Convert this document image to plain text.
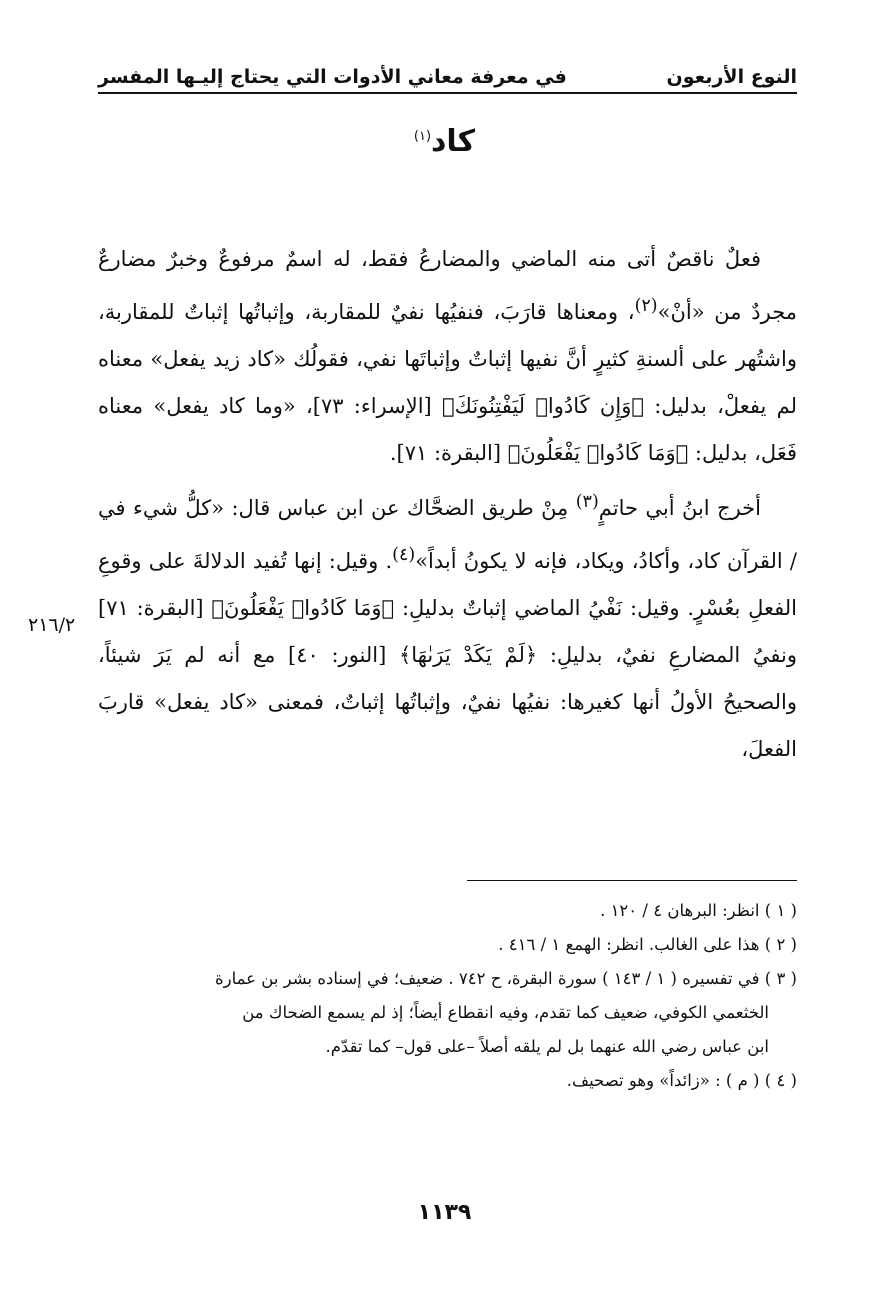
النوع الأربعون
في معرفة معاني الأدوات التي يحتاج إليـها المفسر
كاد$^{(١)}$

فعلٌ ناقصٌ أتى منه الماضي والمضارعُ فقط، له اسمٌ مرفوعٌ وخبرٌ مضارعٌ مجردٌ من «أنْ»$^{(٢)}$، ومعناها قارَبَ، فنفيُها نفيٌ للمقاربة، وإثباتُها إثباتٌ للمقاربة، واشتُهر على ألسنةِ كثيرٍ أنَّ نفيها إثباتٌ وإثباتَها نفي، فقولُك «كاد زيد يفعل» معناه لم يفعلْ، بدليل: ﴿وَإِن كَادُوا۟ لَيَفْتِنُونَكَ﴾ [الإسراء: ٧٣]، «وما كاد يفعل» معناه فَعَل، بدليل: ﴿وَمَا كَادُوا۟ يَفْعَلُونَ﴾ [البقرة: ٧١].

أخرج ابنُ أبي حاتمٍ$^{(٣)}$ مِنْ طريق الضحَّاك عن ابن عباس قال: «كلُّ شيء في / القرآن كاد، وأكادُ، ويكاد، فإنه لا يكونُ أبداً»$^{(٤)}$. وقيل: إنها تُفيد الدلالةَ على وقوعِ الفعلِ بعُسْرٍ. وقيل: نَفْيُ الماضي إثباتٌ بدليلِ: ﴿وَمَا كَادُوا۟ يَفْعَلُونَ﴾ [البقرة: ٧١] ونفيُ المضارعِ نفيٌ، بدليلِ: ﴿لَمْ يَكَدْ يَرَىٰهَا﴾ [النور: ٤٠] مع أنه لم يَرَ شيئاً، والصحيحُ الأولُ أنها كغيرها: نفيُها نفيٌ، وإثباتُها إثباتٌ، فمعنى «كاد يفعل» قاربَ الفعلَ،

٢١٦/٢

( ١ ) انظر: البرهان ٤ / ١٢٠ .

( ٢ ) هذا على الغالب. انظر: الهمع ١ / ٤١٦ .

( ٣ ) في تفسيره ( ١ / ١٤٣ ) سورة البقرة، ح ٧٤٢ . ضعيف؛ في إسناده بشر بن عمارة

الخثعمي الكوفي، ضعيف كما تقدم، وفيه انقطاع أيضاً؛ إذ لم يسمع الضحاك من

ابن عباس رضي الله عنهما بل لم يلقه أصلاً –على قول– كما تقدّم.

( ٤ ) ( م ) : «زائداً» وهو تصحيف.

١١٣٩
